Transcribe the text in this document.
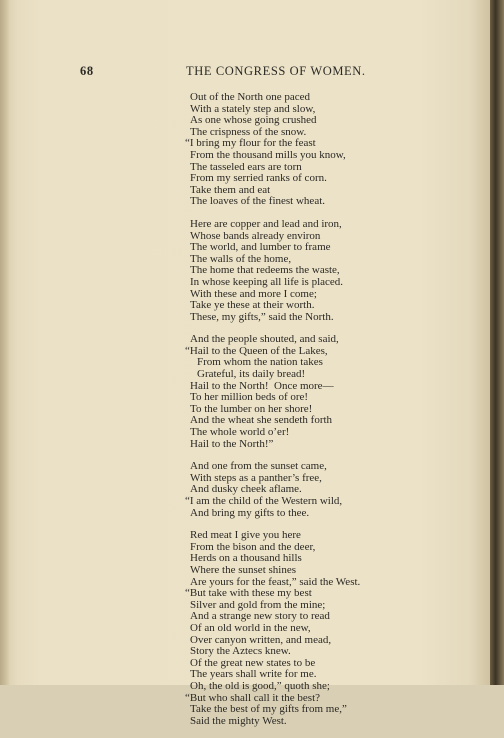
68	THE CONGRESS OF WOMEN.
Out of the North one paced
With a stately step and slow,
As one whose going crushed
The crispness of the snow.
“I bring my flour for the feast
From the thousand mills you know,
The tasseled ears are torn
From my serried ranks of corn.
Take them and eat
The loaves of the finest wheat.
Here are copper and lead and iron,
Whose bands already environ
The world, and lumber to frame
The walls of the home,
The home that redeems the waste,
In whose keeping all life is placed.
With these and more I come;
Take ye these at their worth.
These, my gifts,” said the North.
And the people shouted, and said,
“Hail to the Queen of the Lakes,
From whom the nation takes
Grateful, its daily bread!
Hail to the North!  Once more—
To her million beds of ore!
To the lumber on her shore!
And the wheat she sendeth forth
The whole world o’er!
Hail to the North!”
And one from the sunset came,
With steps as a panther’s free,
And dusky cheek aflame.
“I am the child of the Western wild,
And bring my gifts to thee.
Red meat I give you here
From the bison and the deer,
Herds on a thousand hills
Where the sunset shines
Are yours for the feast,” said the West.
“But take with these my best
Silver and gold from the mine;
And a strange new story to read
Of an old world in the new,
Over canyon written, and mead,
Story the Aztecs knew.
Of the great new states to be
The years shall write for me.
Oh, the old is good,” quoth she;
“But who shall call it the best?
Take the best of my gifts from me,”
Said the mighty West.
